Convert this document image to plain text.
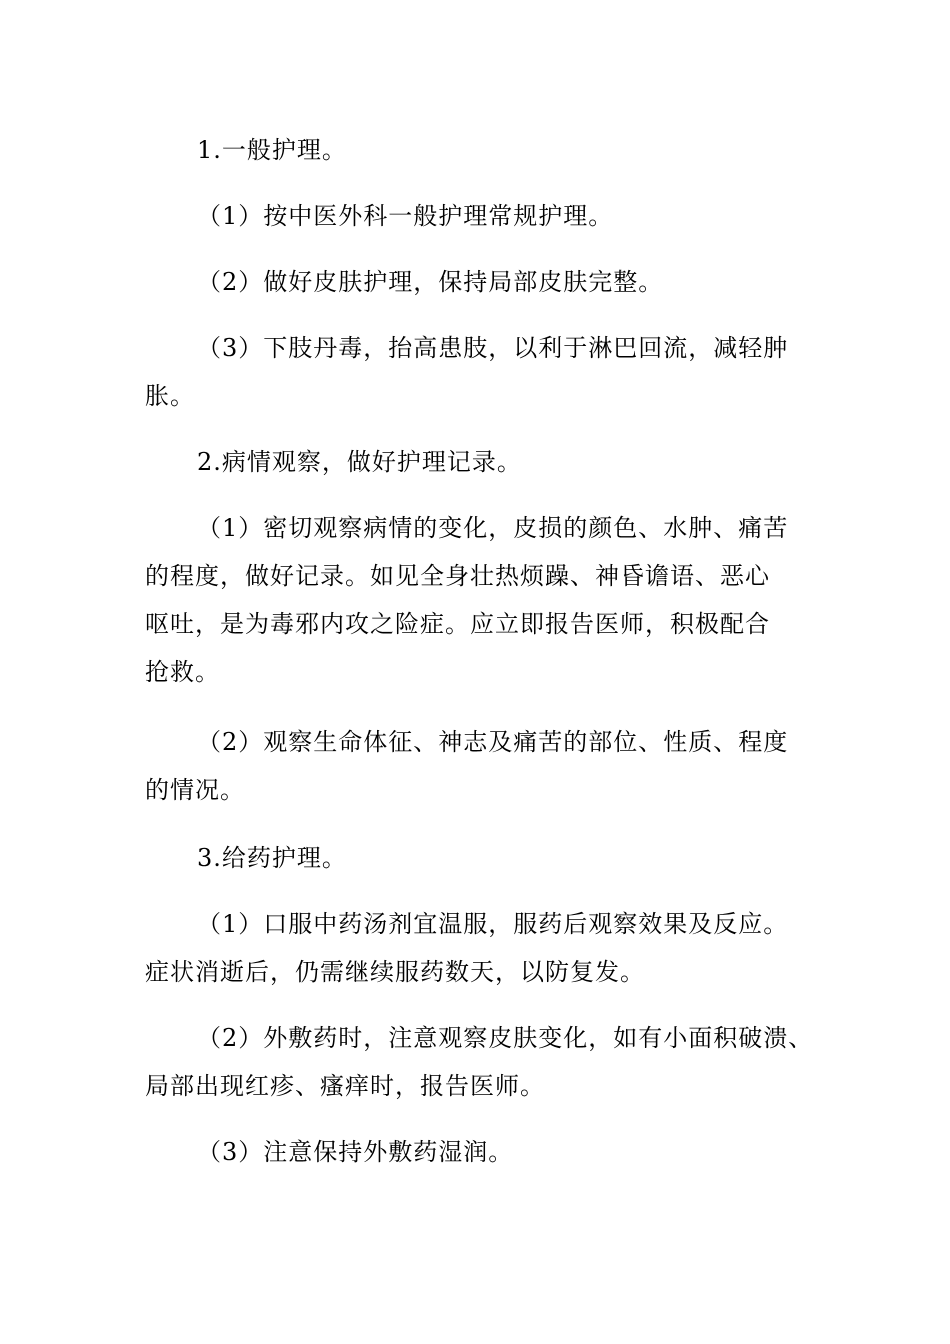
1.一般护理。
（1）按中医外科一般护理常规护理。
（2）做好皮肤护理，保持局部皮肤完整。
（3）下肢丹毒，抬高患肢，以利于淋巴回流，减轻肿
胀。
2.病情观察，做好护理记录。
（1）密切观察病情的变化，皮损的颜色、水肿、痛苦
的程度，做好记录。如见全身壮热烦躁、神昏谵语、恶心
呕吐，是为毒邪内攻之险症。应立即报告医师，积极配合
抢救。
（2）观察生命体征、神志及痛苦的部位、性质、程度
的情况。
3.给药护理。
（1）口服中药汤剂宜温服，服药后观察效果及反应。
症状消逝后，仍需继续服药数天，以防复发。
（2）外敷药时，注意观察皮肤变化，如有小面积破溃、
局部出现红疹、瘙痒时，报告医师。
（3）注意保持外敷药湿润。
